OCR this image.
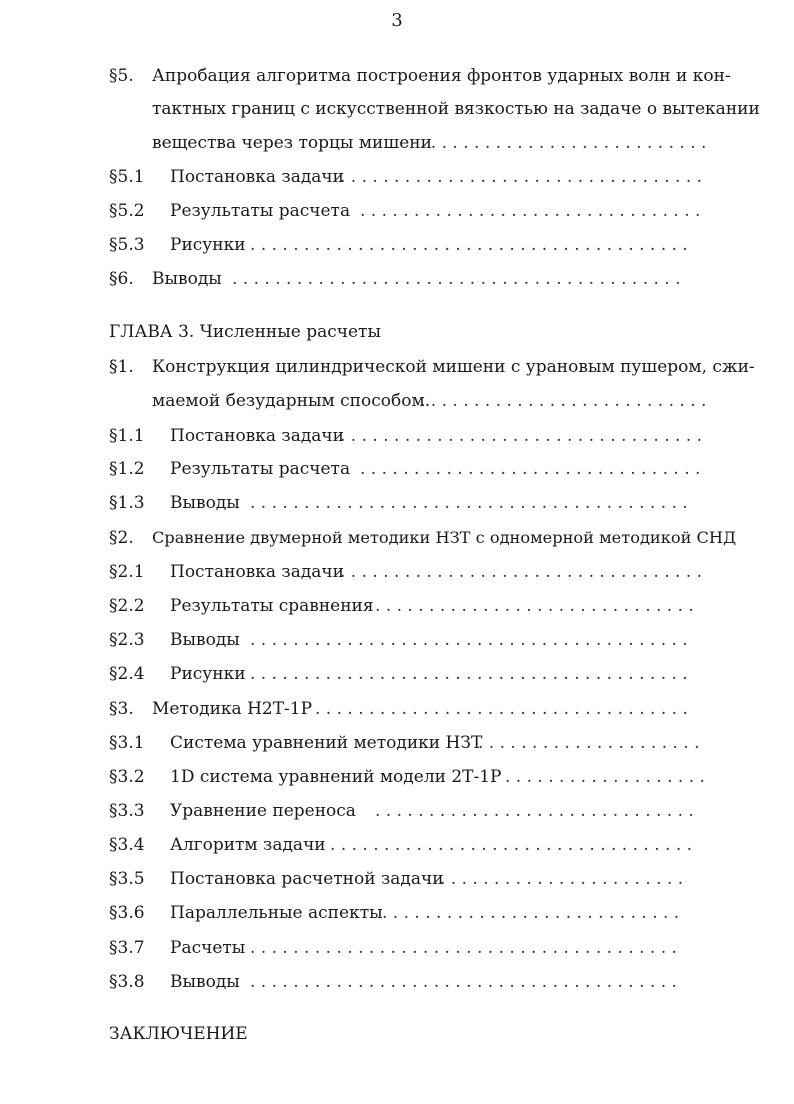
3
§5. Апробация алгоритма построения фронтов ударных волн и кон-
тактных границ с искусственной вязкостью на задаче о вытекании
вещества через торцы мишени
. . . . . . . . . . . . . . . . . . . . . . . . . . .
§5.1 Постановка задачи
. . . . . . . . . . . . . . . . . . . . . . . . . . . . . . . . . .
§5.2 Результаты расчета . . . . . . . . . . . . . . . . . . . . . . . . . . . . . . . .
§5.3 Рисунки . . . . . . . . . . . . . . . . . . . . . . . . . . . . . . . . . . . . . . . . .
§6. Выводы . . . . . . . . . . . . . . . . . . . . . . . . . . . . . . . . . . . . . . . . . .
ГЛАВА 3. Численные расчеты
§1. Конструкция цилиндрической мишени с урановым пушером, сжи-
маемой безударным способом.
. . . . . . . . . . . . . . . . . . . . . . . . . . .
§1.1 Постановка задачи
. . . . . . . . . . . . . . . . . . . . . . . . . . . . . . . . . .
§1.2 Результаты расчета . . . . . . . . . . . . . . . . . . . . . . . . . . . . . . . .
§1.3 Выводы . . . . . . . . . . . . . . . . . . . . . . . . . . . . . . . . . . . . . . . . .
§2. Сравнение двумерной методики НЗТ с одномерной методикой СНД
§2.1 Постановка задачи
. . . . . . . . . . . . . . . . . . . . . . . . . . . . . . . . . .
§2.2 Результаты сравнения . . . . . . . . . . . . . . . . . . . . . . . . . . . . . .
§2.3 Выводы . . . . . . . . . . . . . . . . . . . . . . . . . . . . . . . . . . . . . . . . .
§2.4 Рисунки . . . . . . . . . . . . . . . . . . . . . . . . . . . . . . . . . . . . . . . . .
§3. Методика Н2Т-1Р . . . . . . . . . . . . . . . . . . . . . . . . . . . . . . . . . . .
§3.1 Система уравнений методики НЗТ
. . . . . . . . . . . . . . . . . . . . .
§3.2 1D система уравнений модели 2Т-1Р . . . . . . . . . . . . . . . . . . .
§3.3 Уравнение переноса . . . . . . . . . . . . . . . . . . . . . . . . . . . . . .
§3.4 Алгоритм задачи . . . . . . . . . . . . . . . . . . . . . . . . . . . . . . . . . .
§3.5 Постановка расчетной задачи
. . . . . . . . . . . . . . . . . . . . . . .
§3.6 Параллельные аспекты . . . . . . . . . . . . . . . . . . . . . . . . . . . .
§3.7 Расчеты . . . . . . . . . . . . . . . . . . . . . . . . . . . . . . . . . . . . . . . .
§3.8 Выводы . . . . . . . . . . . . . . . . . . . . . . . . . . . . . . . . . . . . . . . .
ЗАКЛЮЧЕНИЕ
